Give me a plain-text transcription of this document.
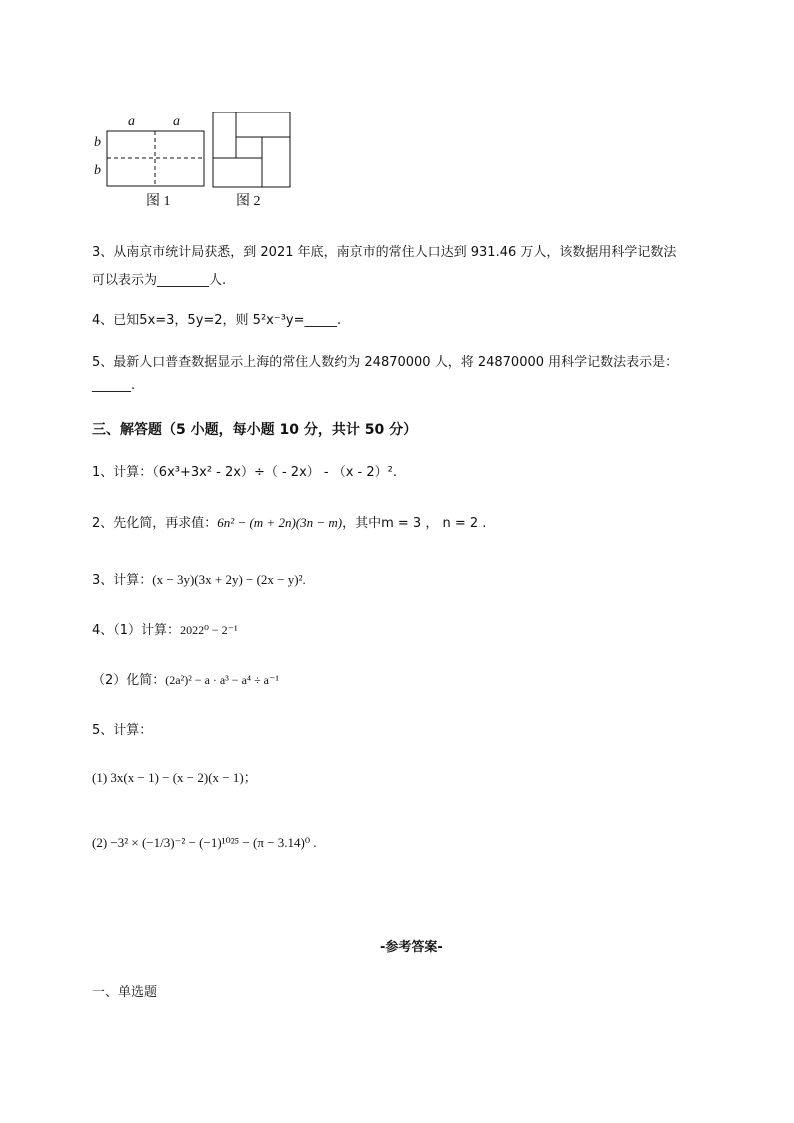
a	a
b
b
图 1	图 2
3、从南京市统计局获悉，到 2021 年底，南京市的常住人口达到 931.46 万人，该数据用科学记数法
可以表示为________人.
4、已知5x=3，5y=2，则 5²x⁻³y=_____.
5、最新人口普查数据显示上海的常住人数约为 24870000 人，将 24870000 用科学记数法表示是：
______.
三、解答题（5 小题，每小题 10 分，共计 50 分）
1、计算：（6x³+3x² - 2x）÷（ - 2x） - （x - 2）².
2、先化简，再求值：6n² − (m + 2n)(3n − m)，其中m = 3 ， n = 2 .
3、计算：(x − 3y)(3x + 2y) − (2x − y)².
4、（1）计算：2022⁰ − 2⁻¹
（2）化简：(2a²)² − a · a³ − a⁴ ÷ a⁻¹
5、计算：
(1) 3x(x − 1) − (x − 2)(x − 1)；
(2) −3² × (−1/3)⁻² − (−1)¹⁰²⁵ − (π − 3.14)⁰ .
-参考答案-
一、单选题
